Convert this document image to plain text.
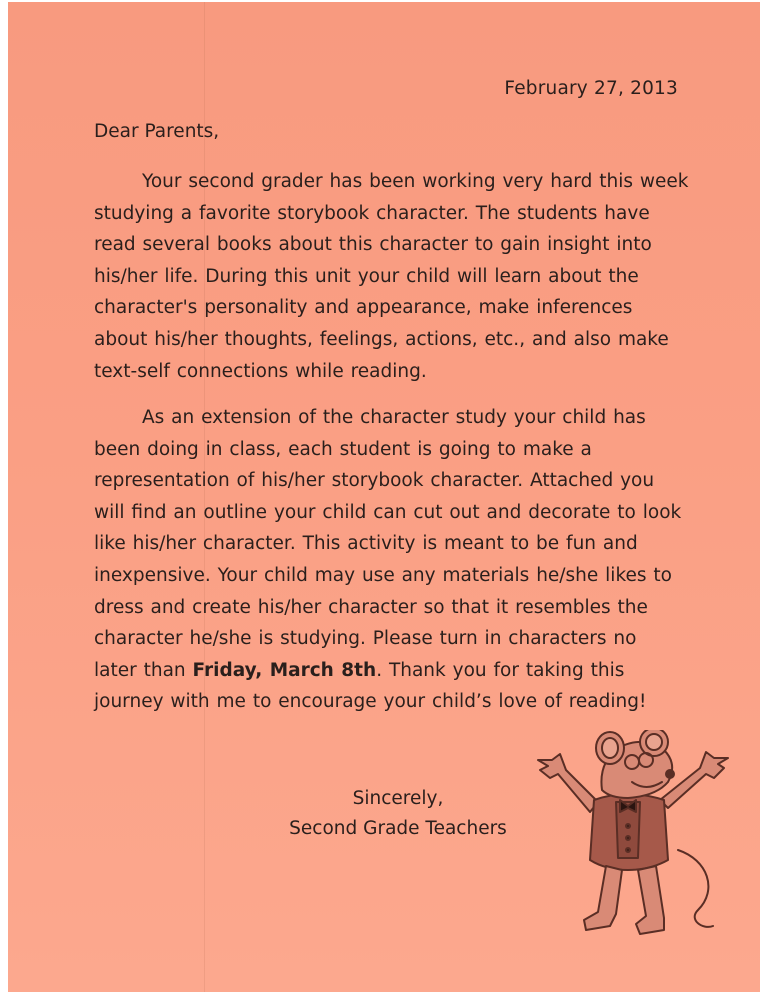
February 27, 2013
Dear Parents,
Your second grader has been working very hard this week
studying a favorite storybook character. The students have
read several books about this character to gain insight into
his/her life. During this unit your child will learn about the
character's personality and appearance, make inferences
about his/her thoughts, feelings, actions, etc., and also make
text-self connections while reading.
As an extension of the character study your child has
been doing in class, each student is going to make a
representation of his/her storybook character. Attached you
will find an outline your child can cut out and decorate to look
like his/her character. This activity is meant to be fun and
inexpensive. Your child may use any materials he/she likes to
dress and create his/her character so that it resembles the
character he/she is studying. Please turn in characters no
later than Friday, March 8th. Thank you for taking this
journey with me to encourage your child’s love of reading!
Sincerely,
Second Grade Teachers
